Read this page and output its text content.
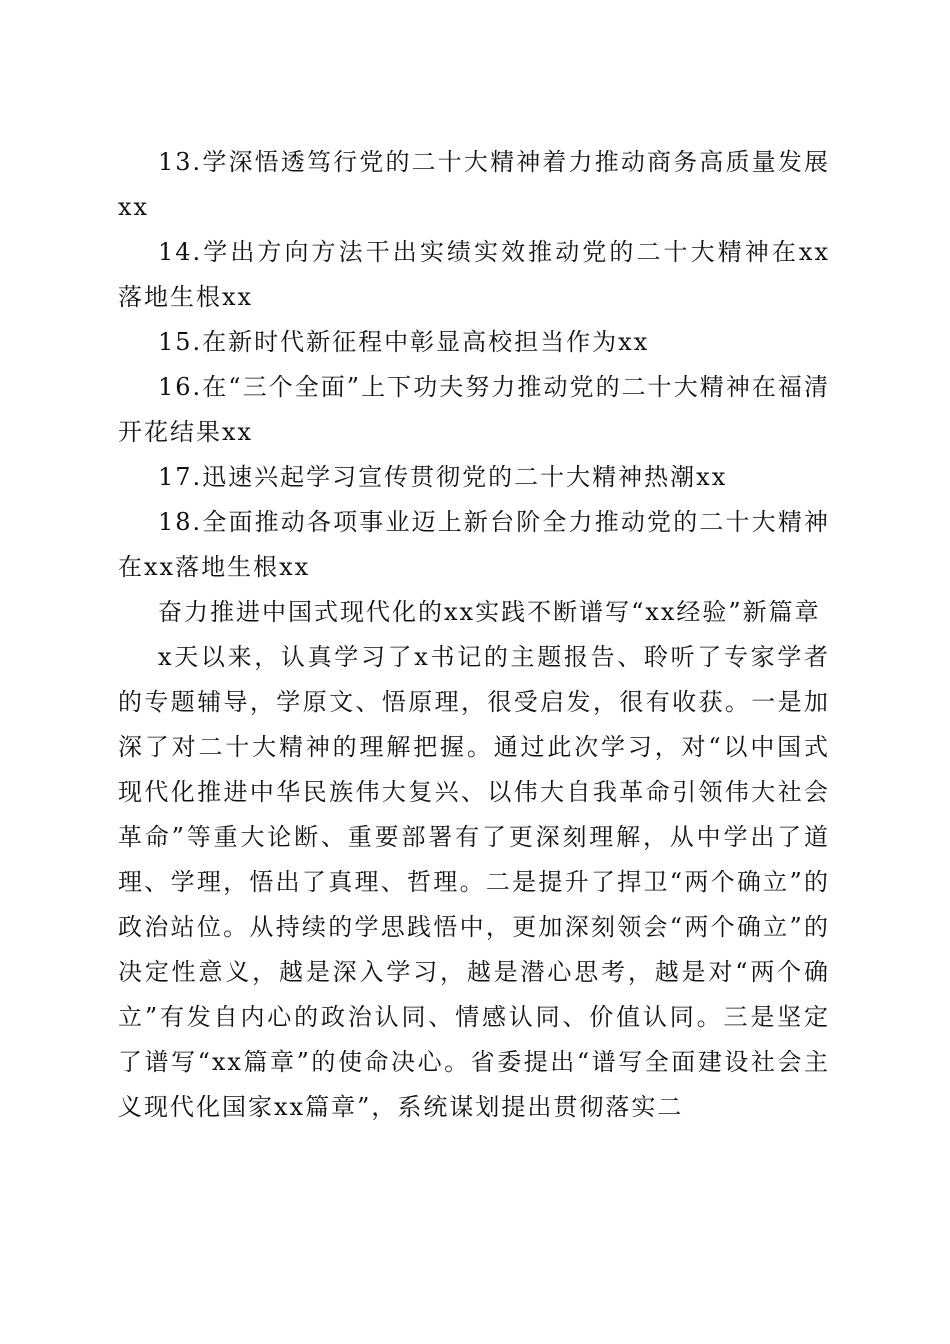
13.学深悟透笃行党的二十大精神着力推动商务高质量发展xx

14.学出方向方法干出实绩实效推动党的二十大精神在xx落地生根xx

15.在新时代新征程中彰显高校担当作为xx

16.在“三个全面”上下功夫努力推动党的二十大精神在福清开花结果xx

17.迅速兴起学习宣传贯彻党的二十大精神热潮xx

18.全面推动各项事业迈上新台阶全力推动党的二十大精神在xx落地生根xx

奋力推进中国式现代化的xx实践不断谱写“xx经验”新篇章

x天以来，认真学习了x书记的主题报告、聆听了专家学者的专题辅导，学原文、悟原理，很受启发，很有收获。一是加深了对二十大精神的理解把握。通过此次学习，对“以中国式现代化推进中华民族伟大复兴、以伟大自我革命引领伟大社会革命”等重大论断、重要部署有了更深刻理解，从中学出了道理、学理，悟出了真理、哲理。二是提升了捍卫“两个确立”的政治站位。从持续的学思践悟中，更加深刻领会“两个确立”的决定性意义，越是深入学习，越是潜心思考，越是对“两个确立”有发自内心的政治认同、情感认同、价值认同。三是坚定了谱写“xx篇章”的使命决心。省委提出“谱写全面建设社会主义现代化国家xx篇章”，系统谋划提出贯彻落实二
